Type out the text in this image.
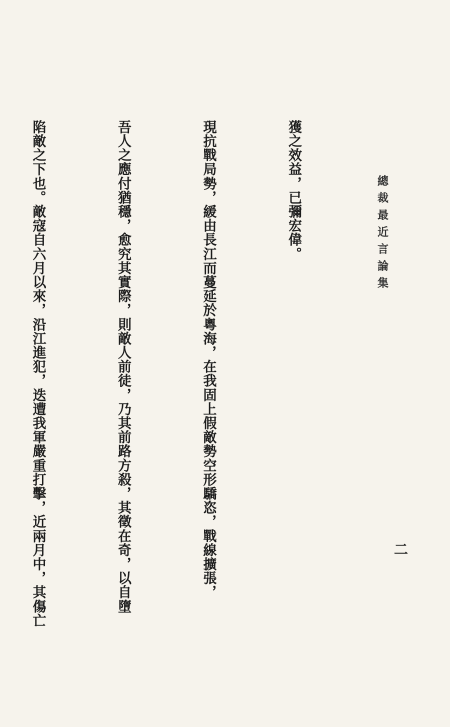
總裁最近言論集
二

獲之效益，已彌宏偉。

現抗戰局勢，緩由長江而蔓延於粵海，在我固上假敵勢空形驕恣，戰線擴張，

吾人之應付猶穩，愈究其實際，則敵人前徒，乃其前路方殺，其徵在奇，以自墮

陷敵之下也。敵寇自六月以來，沿江進犯，迭遭我軍嚴重打擊，近兩月中，其傷亡
